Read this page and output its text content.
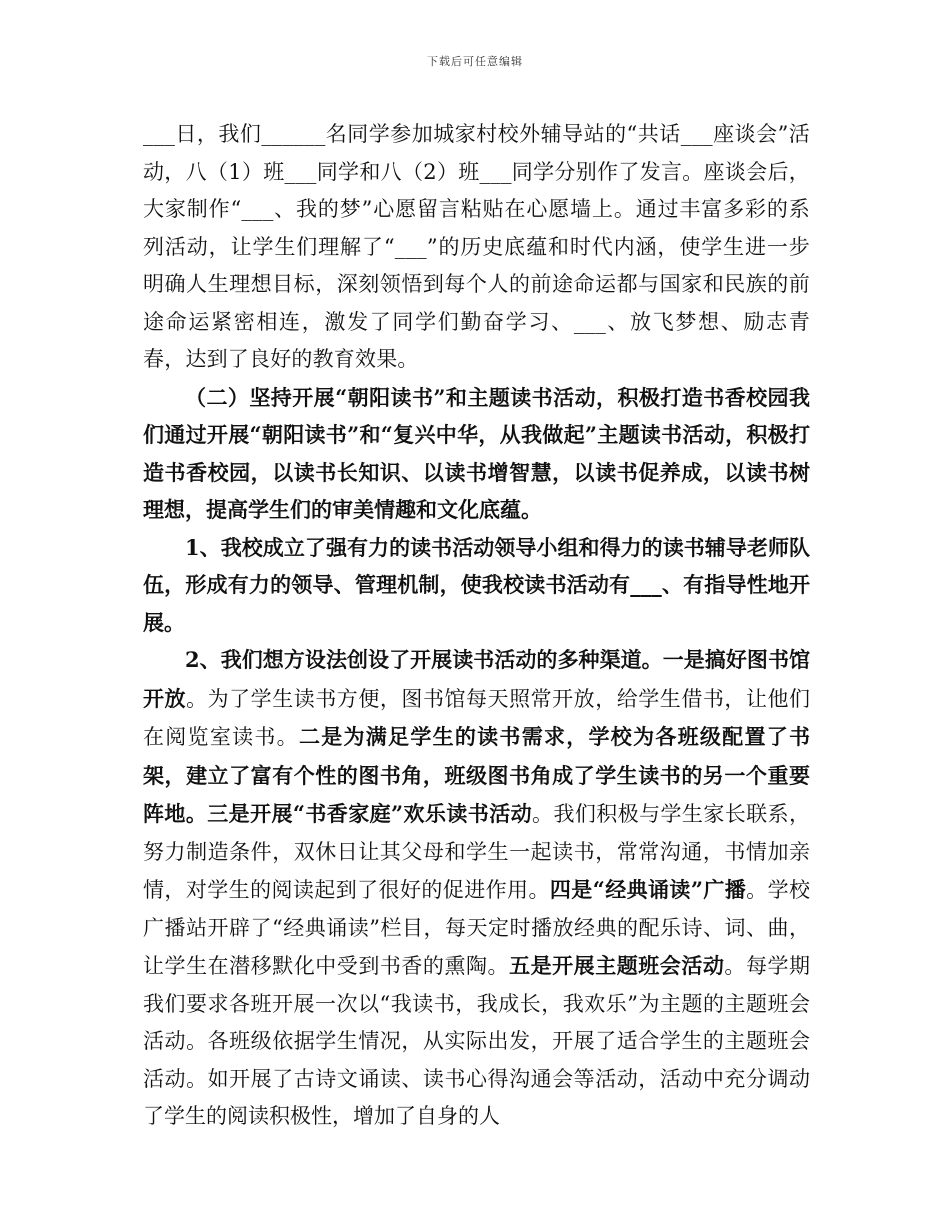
下载后可任意编辑

___日，我们______名同学参加城家村校外辅导站的“共话___座谈会”活动，八（1）班___同学和八（2）班___同学分别作了发言。座谈会后，大家制作“___、我的梦”心愿留言粘贴在心愿墙上。通过丰富多彩的系列活动，让学生们理解了“___”的历史底蕴和时代内涵，使学生进一步明确人生理想目标，深刻领悟到每个人的前途命运都与国家和民族的前途命运紧密相连，激发了同学们勤奋学习、___、放飞梦想、励志青春，达到了良好的教育效果。

（二）坚持开展“朝阳读书”和主题读书活动，积极打造书香校园我们通过开展“朝阳读书”和“复兴中华，从我做起”主题读书活动，积极打造书香校园，以读书长知识、以读书增智慧，以读书促养成，以读书树理想，提高学生们的审美情趣和文化底蕴。

1、我校成立了强有力的读书活动领导小组和得力的读书辅导老师队伍，形成有力的领导、管理机制，使我校读书活动有___、有指导性地开展。

2、我们想方设法创设了开展读书活动的多种渠道。一是搞好图书馆开放。为了学生读书方便，图书馆每天照常开放，给学生借书，让他们在阅览室读书。二是为满足学生的读书需求，学校为各班级配置了书架，建立了富有个性的图书角，班级图书角成了学生读书的另一个重要阵地。三是开展“书香家庭”欢乐读书活动。我们积极与学生家长联系，努力制造条件，双休日让其父母和学生一起读书，常常沟通，书情加亲情，对学生的阅读起到了很好的促进作用。四是“经典诵读”广播。学校广播站开辟了“经典诵读”栏目，每天定时播放经典的配乐诗、词、曲，让学生在潜移默化中受到书香的熏陶。五是开展主题班会活动。每学期我们要求各班开展一次以“我读书，我成长，我欢乐”为主题的主题班会活动。各班级依据学生情况，从实际出发，开展了适合学生的主题班会活动。如开展了古诗文诵读、读书心得沟通会等活动，活动中充分调动了学生的阅读积极性，增加了自身的人
